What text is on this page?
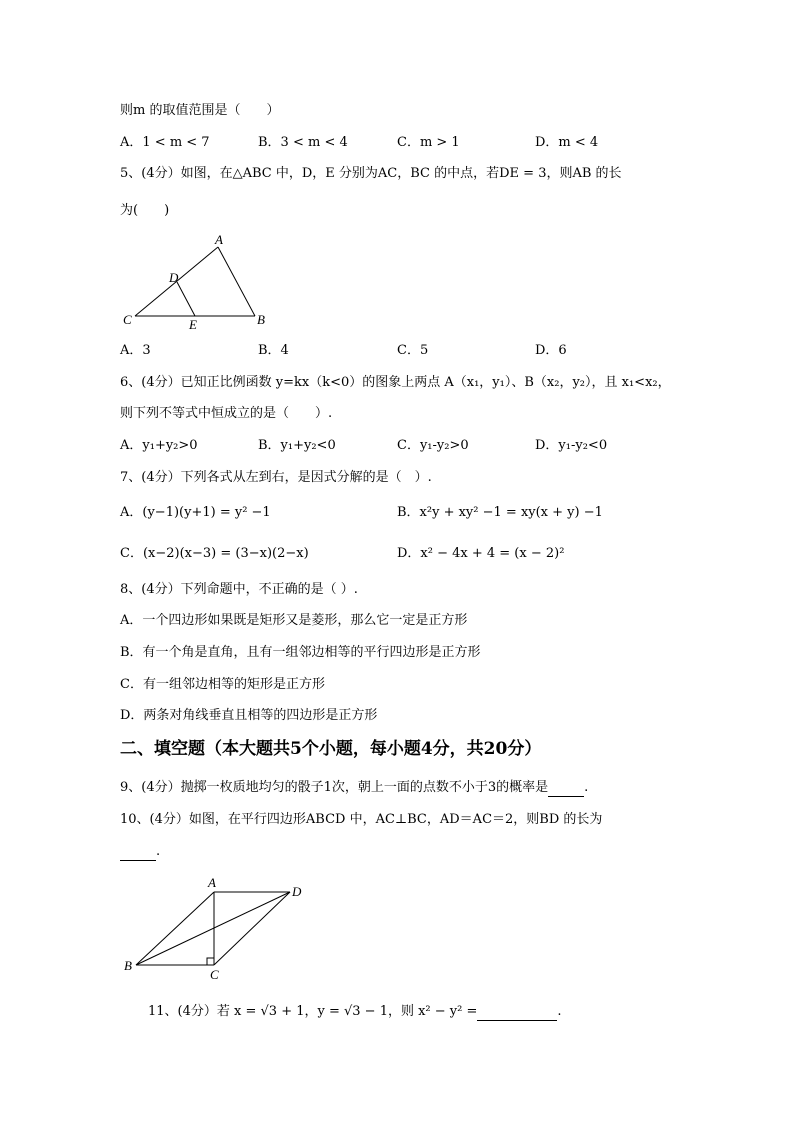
则m 的取值范围是（　　）
A．1 < m < 7	B．3 < m < 4	C．m > 1	D．m < 4
5、(4分）如图，在△ABC 中，D，E 分别为AC，BC 的中点，若DE = 3，则AB 的长
为(　　)
A
D
C	E	B
A．3	B．4	C．5	D．6
6、(4分）已知正比例函数 y=kx（k<0）的图象上两点 A（x₁，y₁）、B（x₂，y₂），且 x₁<x₂，
则下列不等式中恒成立的是（　　）.
A．y₁+y₂>0	B．y₁+y₂<0	C．y₁-y₂>0	D．y₁-y₂<0
7、(4分）下列各式从左到右，是因式分解的是（　）.
A．(y−1)(y+1) = y² −1	B．x²y + xy² −1 = xy(x + y) −1
C．(x−2)(x−3) = (3−x)(2−x)	D．x² − 4x + 4 = (x − 2)²
8、(4分）下列命题中，不正确的是（ ）.
A．一个四边形如果既是矩形又是菱形，那么它一定是正方形
B．有一个角是直角，且有一组邻边相等的平行四边形是正方形
C．有一组邻边相等的矩形是正方形
D．两条对角线垂直且相等的四边形是正方形
二、填空题（本大题共5个小题，每小题4分，共20分）
9、(4分）抛掷一枚质地均匀的骰子1次，朝上一面的点数不小于3的概率是	.
10、(4分）如图，在平行四边形ABCD 中，AC⊥BC，AD＝AC＝2，则BD 的长为
.
A
D
B
C
11、(4分）若 x = √3 + 1，y = √3 − 1，则 x² − y² =	.
